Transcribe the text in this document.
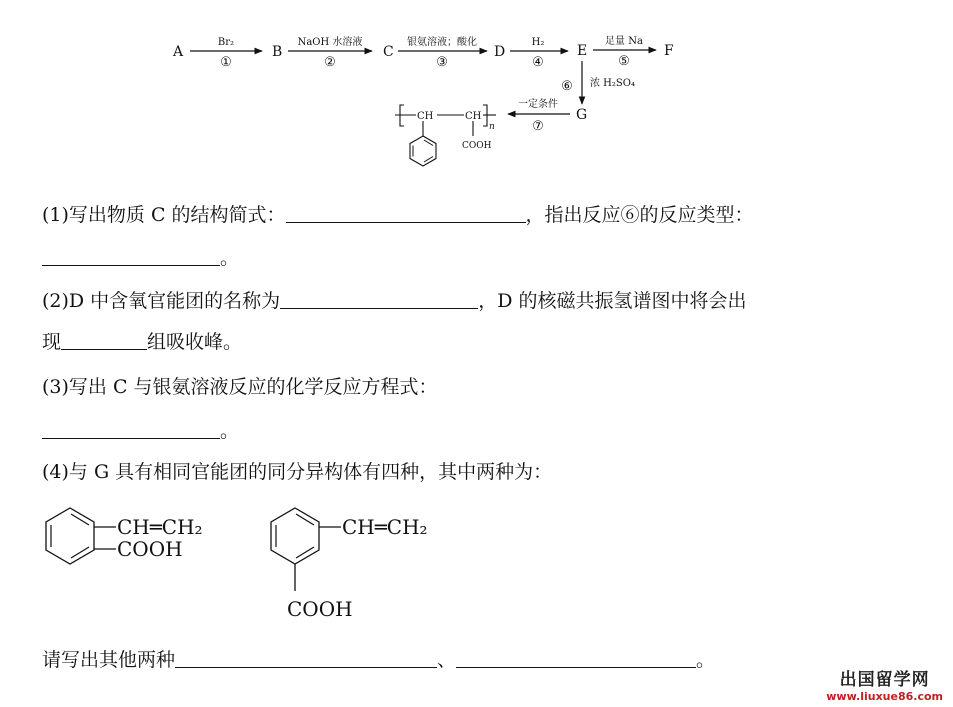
A	B	C	D	E	F
G
Br₂
①
NaOH 水溶液
②
银氨溶液；酸化
③
H₂
④
足量 Na
⑤
⑥ 浓 H₂SO₄
一定条件
⑦
CH	CH
n
COOH
(1)写出物质 C 的结构简式：	，指出反应⑥的反应类型：
。
(2)D 中含氧官能团的名称为	，D 的核磁共振氢谱图中将会出
现	组吸收峰。
(3)写出 C 与银氨溶液反应的化学反应方程式：
。
(4)与 G 具有相同官能团的同分异构体有四种，其中两种为：
CH═CH₂
COOH
CH═CH₂
COOH
请写出其他两种	、	。
出国留学网
www.liuxue86.com
